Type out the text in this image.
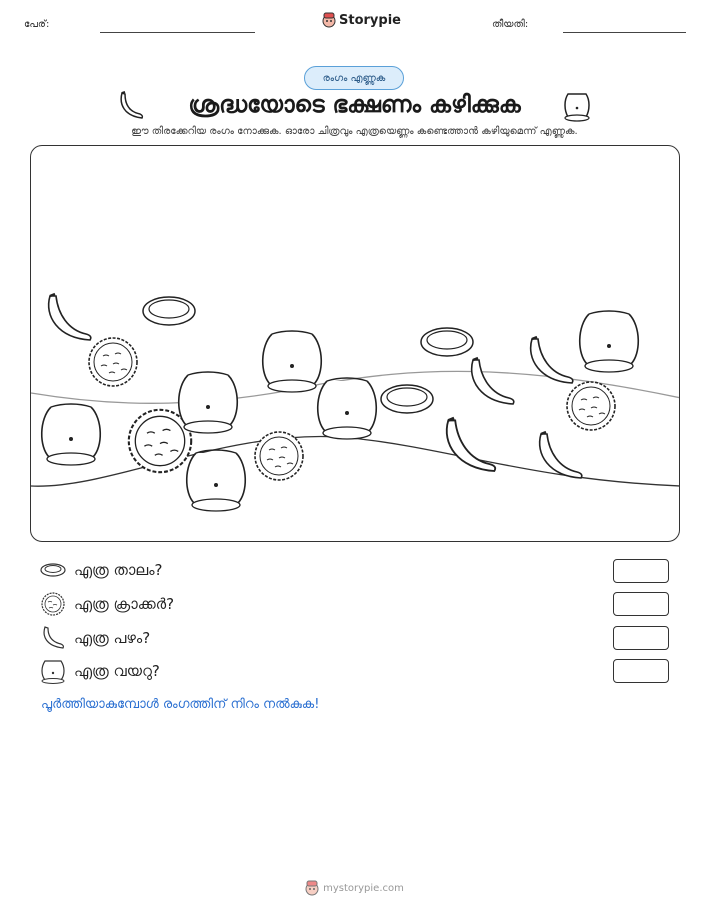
പേര്:	Storypie	തീയതി:
രംഗം എണ്ണുക
ശ്രദ്ധയോടെ ഭക്ഷണം കഴിക്കുക
ഈ തിരക്കേറിയ രംഗം നോക്കുക. ഓരോ ചിത്രവും എത്രയെണ്ണം കണ്ടെത്താൻ കഴിയുമെന്ന് എണ്ണുക.
എത്ര താലം?
എത്ര ക്രാക്കർ?
എത്ര പഴം?
എത്ര വയറു?
പൂർത്തിയാകുമ്പോൾ രംഗത്തിന് നിറം നൽകുക!
mystorypie.com
